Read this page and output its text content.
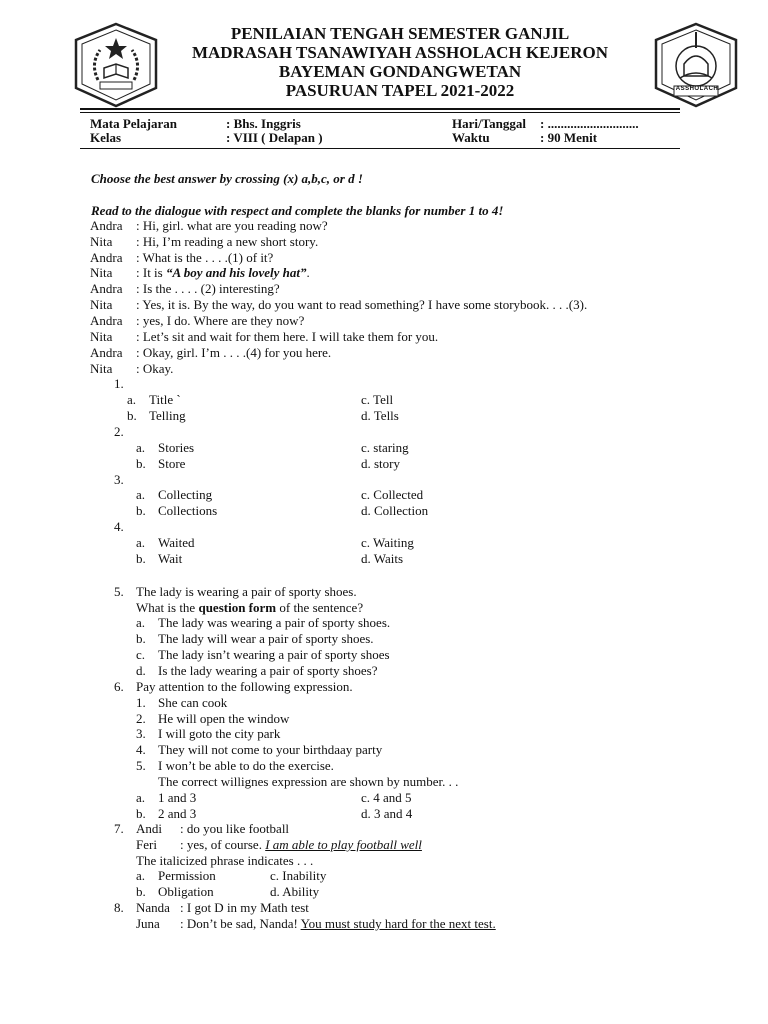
ASSHOLACH
PENILAIAN TENGAH SEMESTER GANJIL
MADRASAH TSANAWIYAH ASSHOLACH KEJERON
BAYEMAN GONDANGWETAN
PASURUAN TAPEL 2021-2022
Mata Pelajaran	: Bhs. Inggris	Hari/Tanggal : ............................
Kelas	: VIII ( Delapan )	Waktu	: 90 Menit
Choose the best answer by crossing (x) a,b,c, or d !
Read to the dialogue with respect and complete the blanks for number 1 to 4!
Andra : Hi, girl. what are you reading now?
Nita : Hi, I’m reading a new short story.
Andra : What is the . . . .(1) of it?
Nita : It is “A boy and his lovely hat”.
Andra : Is the . . . . (2) interesting?
Nita : Yes, it is. By the way, do you want to read something? I have some storybook. . . .(3).
Andra : yes, I do. Where are they now?
Nita : Let’s sit and wait for them here. I will take them for you.
Andra : Okay, girl. I’m . . . .(4) for you here.
Nita : Okay.
1.
a. Title `	c. Tell
b. Telling	d. Tells
2.
a. Stories	c. staring
b. Store	d. story
3.
a. Collecting	c. Collected
b. Collections	d. Collection
4.
a. Waited	c. Waiting
b. Wait	d. Waits
5. The lady is wearing a pair of sporty shoes.
What is the question form of the sentence?
a. The lady was wearing a pair of sporty shoes.
b. The lady will wear a pair of sporty shoes.
c. The lady isn’t wearing a pair of sporty shoes
d. Is the lady wearing a pair of sporty shoes?
6. Pay attention to the following expression.
1. She can cook
2. He will open the window
3. I will goto the city park
4. They will not come to your birthdaay party
5. I won’t be able to do the exercise.
The correct willignes expression are shown by number. . .
a. 1 and 3	c. 4 and 5
b. 2 and 3	d. 3 and 4
7. Andi : do you like football
Feri : yes, of course. I am able to play football well
The italicized phrase indicates . . .
a. Permission	c. Inability
b. Obligation	d. Ability
8. Nanda : I got D in my Math test
Juna : Don’t be sad, Nanda! You must study hard for the next test.
